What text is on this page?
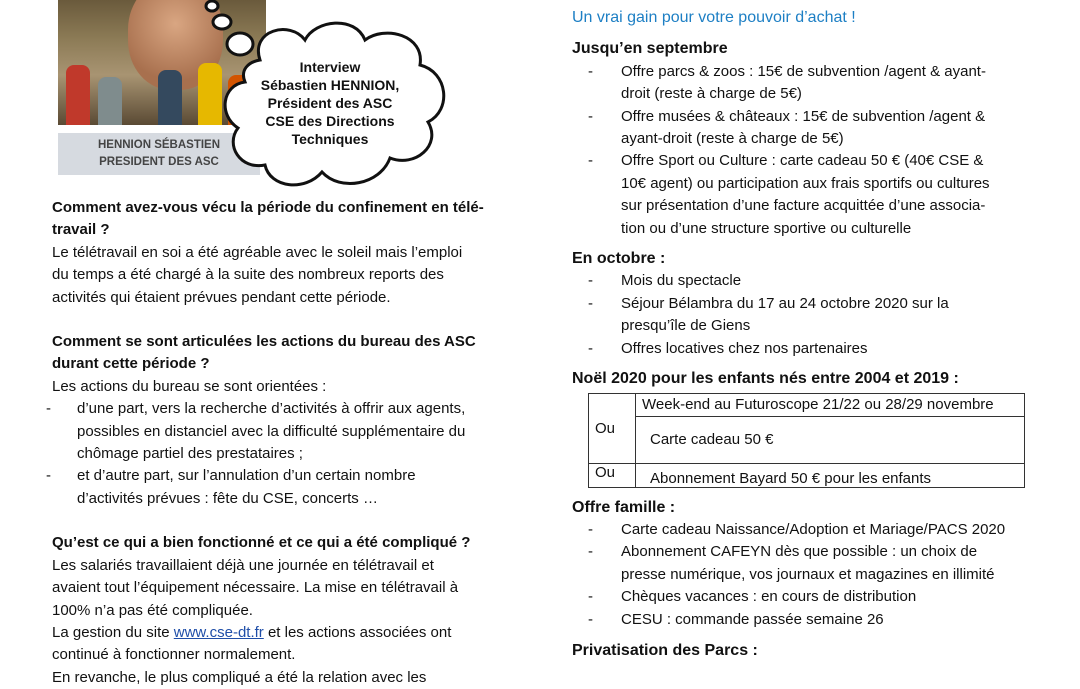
HENNION SÉBASTIEN
PRESIDENT DES ASC
Interview
Sébastien HENNION,
Président des ASC
CSE des Directions
Techniques
Comment avez-vous vécu la période du confinement en télé-
travail ?
Le télétravail en soi a été agréable avec le soleil mais l’emploi
du temps a été chargé à la suite des nombreux reports des
activités qui étaient prévues pendant cette période.
Comment se sont articulées les actions du bureau des ASC
durant cette période ?
Les actions du bureau se sont orientées :
- d’une part, vers la recherche d’activités à offrir aux agents,
possibles en distanciel avec la difficulté supplémentaire du
chômage partiel des prestataires ;
- et d’autre part, sur l’annulation d’un certain nombre
d’activités prévues : fête du CSE, concerts …
Qu’est ce qui a bien fonctionné et ce qui a été compliqué ?
Les salariés travaillaient déjà une journée en télétravail et
avaient tout l’équipement nécessaire. La mise en télétravail à
100% n’a pas été compliquée.
La gestion du site www.cse-dt.fr et les actions associées ont
continué à fonctionner normalement.
En revanche, le plus compliqué a été la relation avec les
Un vrai gain pour votre pouvoir d’achat !
Jusqu’en septembre
- Offre parcs & zoos : 15€ de subvention /agent & ayant-
droit (reste à charge de 5€)
- Offre musées & châteaux : 15€ de subvention /agent &
ayant-droit (reste à charge de 5€)
- Offre Sport ou Culture : carte cadeau 50 € (40€ CSE &
10€ agent) ou participation aux frais sportifs ou cultures
sur présentation d’une facture acquittée d’une associa-
tion ou d’une structure sportive ou culturelle
En octobre :
- Mois du spectacle
- Séjour Bélambra du 17 au 24 octobre 2020 sur la
presqu’île de Giens
- Offres locatives chez nos partenaires
Noël 2020 pour les enfants nés entre 2004 et 2019 :
Ou	Week-end au Futuroscope 21/22 ou 28/29 novembre
	Carte cadeau 50 €
Ou	Abonnement Bayard 50 € pour les enfants
Offre famille :
- Carte cadeau Naissance/Adoption et Mariage/PACS 2020
- Abonnement CAFEYN dès que possible : un choix de
presse numérique, vos journaux et magazines en illimité
- Chèques vacances : en cours de distribution
- CESU : commande passée semaine 26
Privatisation des Parcs :
